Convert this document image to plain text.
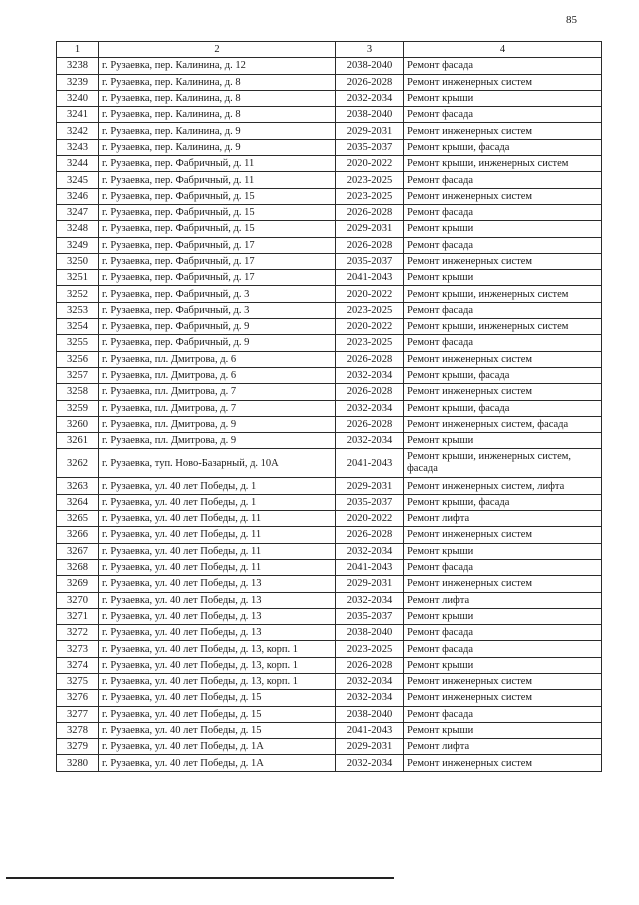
85
1	2	3	4
3238	г. Рузаевка, пер. Калинина, д. 12	2038-2040	Ремонт фасада
3239	г. Рузаевка, пер. Калинина, д. 8	2026-2028	Ремонт инженерных систем
3240	г. Рузаевка, пер. Калинина, д. 8	2032-2034	Ремонт крыши
3241	г. Рузаевка, пер. Калинина, д. 8	2038-2040	Ремонт фасада
3242	г. Рузаевка, пер. Калинина, д. 9	2029-2031	Ремонт инженерных систем
3243	г. Рузаевка, пер. Калинина, д. 9	2035-2037	Ремонт крыши, фасада
3244	г. Рузаевка, пер. Фабричный, д. 11	2020-2022	Ремонт крыши, инженерных систем
3245	г. Рузаевка, пер. Фабричный, д. 11	2023-2025	Ремонт фасада
3246	г. Рузаевка, пер. Фабричный, д. 15	2023-2025	Ремонт инженерных систем
3247	г. Рузаевка, пер. Фабричный, д. 15	2026-2028	Ремонт фасада
3248	г. Рузаевка, пер. Фабричный, д. 15	2029-2031	Ремонт крыши
3249	г. Рузаевка, пер. Фабричный, д. 17	2026-2028	Ремонт фасада
3250	г. Рузаевка, пер. Фабричный, д. 17	2035-2037	Ремонт инженерных систем
3251	г. Рузаевка, пер. Фабричный, д. 17	2041-2043	Ремонт крыши
3252	г. Рузаевка, пер. Фабричный, д. 3	2020-2022	Ремонт крыши, инженерных систем
3253	г. Рузаевка, пер. Фабричный, д. 3	2023-2025	Ремонт фасада
3254	г. Рузаевка, пер. Фабричный, д. 9	2020-2022	Ремонт крыши, инженерных систем
3255	г. Рузаевка, пер. Фабричный, д. 9	2023-2025	Ремонт фасада
3256	г. Рузаевка, пл. Дмитрова, д. 6	2026-2028	Ремонт инженерных систем
3257	г. Рузаевка, пл. Дмитрова, д. 6	2032-2034	Ремонт крыши, фасада
3258	г. Рузаевка, пл. Дмитрова, д. 7	2026-2028	Ремонт инженерных систем
3259	г. Рузаевка, пл. Дмитрова, д. 7	2032-2034	Ремонт крыши, фасада
3260	г. Рузаевка, пл. Дмитрова, д. 9	2026-2028	Ремонт инженерных систем, фасада
3261	г. Рузаевка, пл. Дмитрова, д. 9	2032-2034	Ремонт крыши
3262	г. Рузаевка, туп. Ново-Базарный, д. 10А	2041-2043	Ремонт крыши, инженерных систем, фасада
3263	г. Рузаевка, ул. 40 лет Победы, д. 1	2029-2031	Ремонт инженерных систем, лифта
3264	г. Рузаевка, ул. 40 лет Победы, д. 1	2035-2037	Ремонт крыши, фасада
3265	г. Рузаевка, ул. 40 лет Победы, д. 11	2020-2022	Ремонт лифта
3266	г. Рузаевка, ул. 40 лет Победы, д. 11	2026-2028	Ремонт инженерных систем
3267	г. Рузаевка, ул. 40 лет Победы, д. 11	2032-2034	Ремонт крыши
3268	г. Рузаевка, ул. 40 лет Победы, д. 11	2041-2043	Ремонт фасада
3269	г. Рузаевка, ул. 40 лет Победы, д. 13	2029-2031	Ремонт инженерных систем
3270	г. Рузаевка, ул. 40 лет Победы, д. 13	2032-2034	Ремонт лифта
3271	г. Рузаевка, ул. 40 лет Победы, д. 13	2035-2037	Ремонт крыши
3272	г. Рузаевка, ул. 40 лет Победы, д. 13	2038-2040	Ремонт фасада
3273	г. Рузаевка, ул. 40 лет Победы, д. 13, корп. 1	2023-2025	Ремонт фасада
3274	г. Рузаевка, ул. 40 лет Победы, д. 13, корп. 1	2026-2028	Ремонт крыши
3275	г. Рузаевка, ул. 40 лет Победы, д. 13, корп. 1	2032-2034	Ремонт инженерных систем
3276	г. Рузаевка, ул. 40 лет Победы, д. 15	2032-2034	Ремонт инженерных систем
3277	г. Рузаевка, ул. 40 лет Победы, д. 15	2038-2040	Ремонт фасада
3278	г. Рузаевка, ул. 40 лет Победы, д. 15	2041-2043	Ремонт крыши
3279	г. Рузаевка, ул. 40 лет Победы, д. 1А	2029-2031	Ремонт лифта
3280	г. Рузаевка, ул. 40 лет Победы, д. 1А	2032-2034	Ремонт инженерных систем
